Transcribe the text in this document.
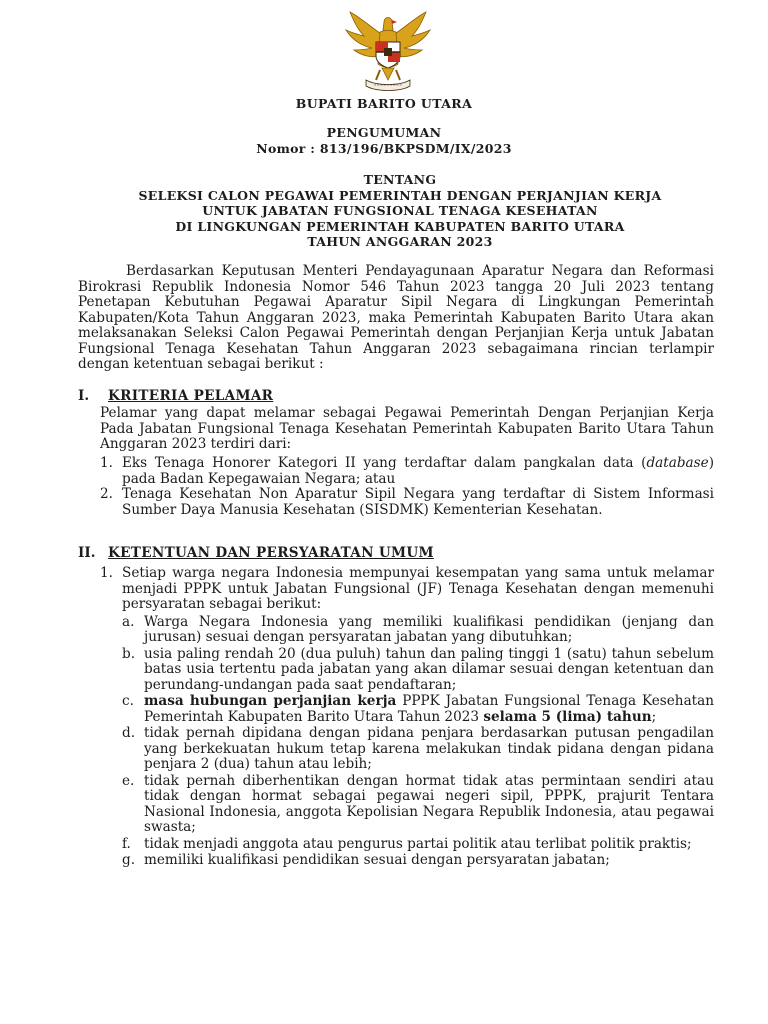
BUPATI BARITO UTARA
PENGUMUMAN
Nomor : 813/196/BKPSDM/IX/2023
TENTANG
SELEKSI CALON PEGAWAI PEMERINTAH DENGAN PERJANJIAN KERJA
UNTUK JABATAN FUNGSIONAL TENAGA KESEHATAN
DI LINGKUNGAN PEMERINTAH KABUPATEN BARITO UTARA
TAHUN ANGGARAN 2023
Berdasarkan Keputusan Menteri Pendayagunaan Aparatur Negara dan Reformasi Birokrasi Republik Indonesia Nomor 546 Tahun 2023 tangga 20 Juli 2023 tentang Penetapan Kebutuhan Pegawai Aparatur Sipil Negara di Lingkungan Pemerintah Kabupaten/Kota Tahun Anggaran 2023, maka Pemerintah Kabupaten Barito Utara akan melaksanakan Seleksi Calon Pegawai Pemerintah dengan Perjanjian Kerja untuk Jabatan Fungsional Tenaga Kesehatan Tahun Anggaran 2023 sebagaimana rincian terlampir dengan ketentuan sebagai berikut :
I. KRITERIA PELAMAR
Pelamar yang dapat melamar sebagai Pegawai Pemerintah Dengan Perjanjian Kerja Pada Jabatan Fungsional Tenaga Kesehatan Pemerintah Kabupaten Barito Utara Tahun Anggaran 2023 terdiri dari:
1. Eks Tenaga Honorer Kategori II yang terdaftar dalam pangkalan data (database) pada Badan Kepegawaian Negara; atau
2. Tenaga Kesehatan Non Aparatur Sipil Negara yang terdaftar di Sistem Informasi Sumber Daya Manusia Kesehatan (SISDMK) Kementerian Kesehatan.
II. KETENTUAN DAN PERSYARATAN UMUM
1. Setiap warga negara Indonesia mempunyai kesempatan yang sama untuk melamar menjadi PPPK untuk Jabatan Fungsional (JF) Tenaga Kesehatan dengan memenuhi persyaratan sebagai berikut:
a. Warga Negara Indonesia yang memiliki kualifikasi pendidikan (jenjang dan jurusan) sesuai dengan persyaratan jabatan yang dibutuhkan;
b. usia paling rendah 20 (dua puluh) tahun dan paling tinggi 1 (satu) tahun sebelum batas usia tertentu pada jabatan yang akan dilamar sesuai dengan ketentuan dan perundang-undangan pada saat pendaftaran;
c. masa hubungan perjanjian kerja PPPK Jabatan Fungsional Tenaga Kesehatan Pemerintah Kabupaten Barito Utara Tahun 2023 selama 5 (lima) tahun;
d. tidak pernah dipidana dengan pidana penjara berdasarkan putusan pengadilan yang berkekuatan hukum tetap karena melakukan tindak pidana dengan pidana penjara 2 (dua) tahun atau lebih;
e. tidak pernah diberhentikan dengan hormat tidak atas permintaan sendiri atau tidak dengan hormat sebagai pegawai negeri sipil, PPPK, prajurit Tentara Nasional Indonesia, anggota Kepolisian Negara Republik Indonesia, atau pegawai swasta;
f. tidak menjadi anggota atau pengurus partai politik atau terlibat politik praktis;
g. memiliki kualifikasi pendidikan sesuai dengan persyaratan jabatan;
